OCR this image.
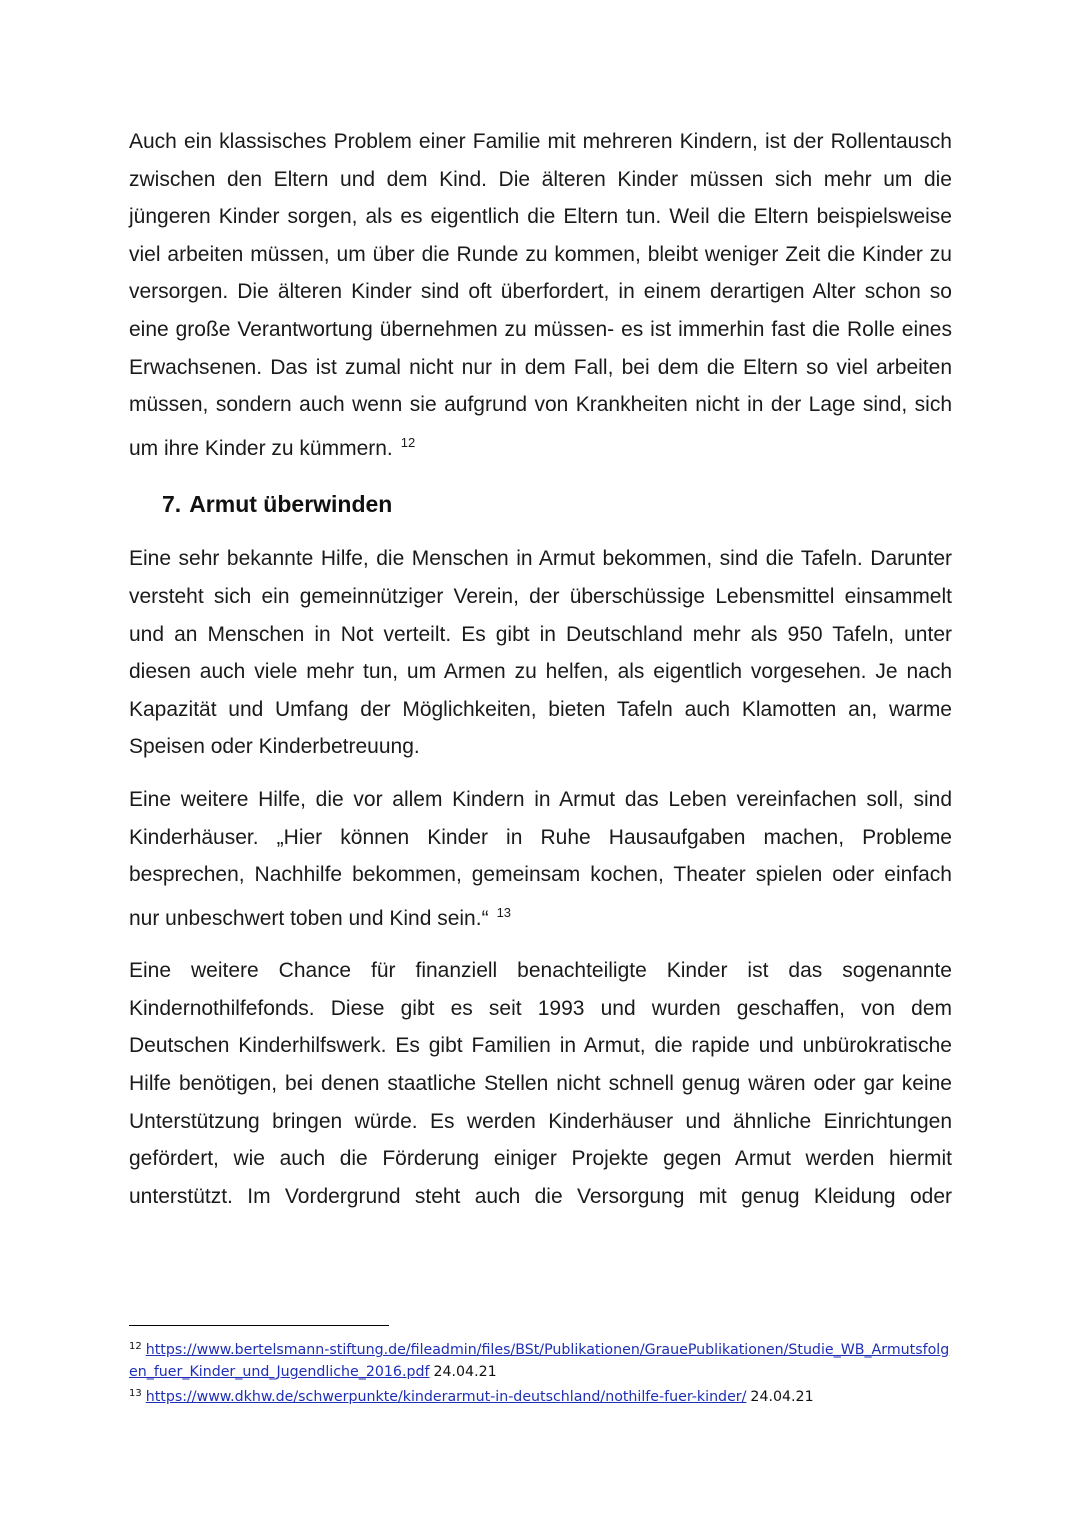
Auch ein klassisches Problem einer Familie mit mehreren Kindern, ist der Rollentausch zwischen den Eltern und dem Kind. Die älteren Kinder müssen sich mehr um die jüngeren Kinder sorgen, als es eigentlich die Eltern tun. Weil die Eltern beispielsweise viel arbeiten müssen, um über die Runde zu kommen, bleibt weniger Zeit die Kinder zu versorgen. Die älteren Kinder sind oft überfordert, in einem derartigen Alter schon so eine große Verantwortung übernehmen zu müssen- es ist immerhin fast die Rolle eines Erwachsenen. Das ist zumal nicht nur in dem Fall, bei dem die Eltern so viel arbeiten müssen, sondern auch wenn sie aufgrund von Krankheiten nicht in der Lage sind, sich um ihre Kinder zu kümmern. $^{12}$

7. Armut überwinden

Eine sehr bekannte Hilfe, die Menschen in Armut bekommen, sind die Tafeln. Darunter versteht sich ein gemeinnütziger Verein, der überschüssige Lebensmittel einsammelt und an Menschen in Not verteilt. Es gibt in Deutschland mehr als 950 Tafeln, unter diesen auch viele mehr tun, um Armen zu helfen, als eigentlich vorgesehen. Je nach Kapazität und Umfang der Möglichkeiten, bieten Tafeln auch Klamotten an, warme Speisen oder Kinderbetreuung.

Eine weitere Hilfe, die vor allem Kindern in Armut das Leben vereinfachen soll, sind Kinderhäuser. „Hier können Kinder in Ruhe Hausaufgaben machen, Probleme besprechen, Nachhilfe bekommen, gemeinsam kochen, Theater spielen oder einfach nur unbeschwert toben und Kind sein.“ $^{13}$

Eine weitere Chance für finanziell benachteiligte Kinder ist das sogenannte Kindernothilfefonds. Diese gibt es seit 1993 und wurden geschaffen, von dem Deutschen Kinderhilfswerk. Es gibt Familien in Armut, die rapide und unbürokratische Hilfe benötigen, bei denen staatliche Stellen nicht schnell genug wären oder gar keine Unterstützung bringen würde. Es werden Kinderhäuser und ähnliche Einrichtungen gefördert, wie auch die Förderung einiger Projekte gegen Armut werden hiermit unterstützt. Im Vordergrund steht auch die Versorgung mit genug Kleidung oder

$^{12}$ https://www.bertelsmann-stiftung.de/fileadmin/files/BSt/Publikationen/GrauePublikationen/Studie_WB_Armutsfolgen_fuer_Kinder_und_Jugendliche_2016.pdf 24.04.21

$^{13}$ https://www.dkhw.de/schwerpunkte/kinderarmut-in-deutschland/nothilfe-fuer-kinder/ 24.04.21
